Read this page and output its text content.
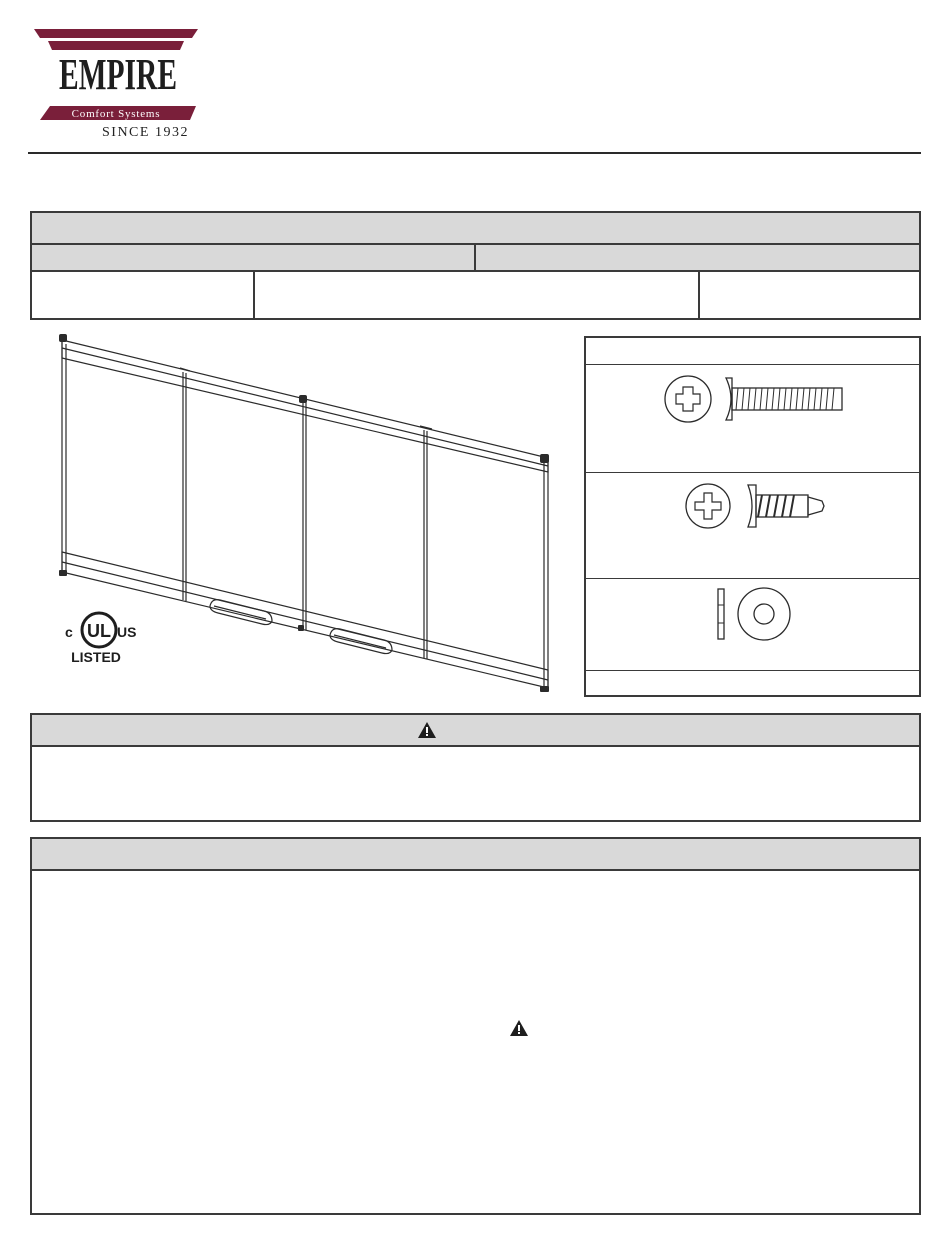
EMPIRE
Comfort Systems
SINCE 1932
UL
c	US
LISTED
